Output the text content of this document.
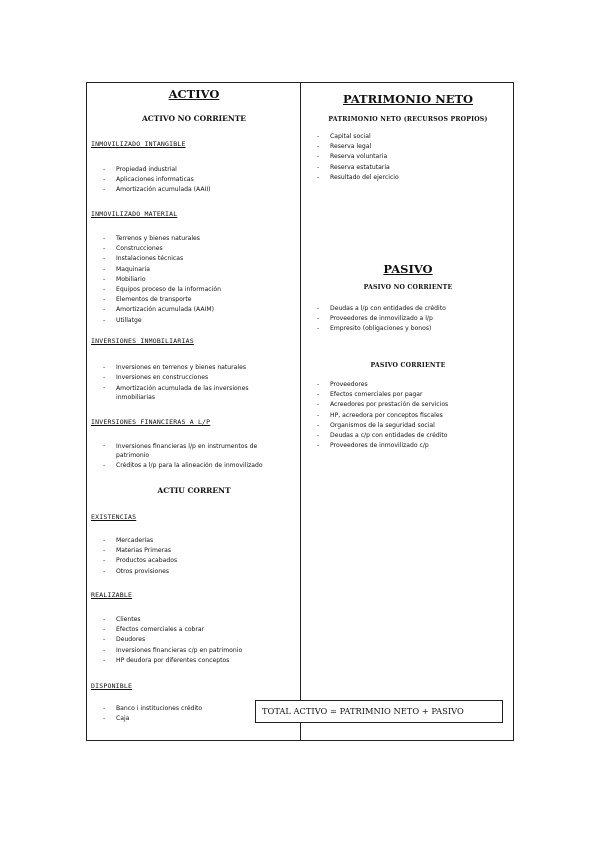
ACTIVO
ACTIVO NO CORRIENTE
INMOVILIZADO INTANGIBLE
- Propiedad industrial
- Aplicaciones informaticas
- Amortización acumulada (AAII)
INMOVILIZADO MATERIAL
- Terrenos y bienes naturales
- Construcciones
- Instalaciones técnicas
- Maquinaria
- Mobiliario
- Equipos proceso de la información
- Elementos de transporte
- Amortización acumulada (AAIM)
- Utillatge
INVERSIONES INMOBILIARIAS
- Inversiones en terrenos y bienes naturales
- Inversiones en construcciones
- Amortización acumulada de las inversiones inmobiliarias
INVERSIONES FINANCIERAS A L/P
- Inversiones financieras l/p en instrumentos de patrimonio
- Créditos a l/p para la alineación de inmovilizado
ACTIU CORRENT
EXISTENCIAS
- Mercaderías
- Materias Primeras
- Productos acabados
- Otros provisiones
REALIZABLE
- Clientes
- Efectos comerciales a cobrar
- Deudores
- Inversiones financieras c/p en patrimonio
- HP deudora por diferentes conceptos
DISPONIBLE
- Banco i instituciones crédito
- Caja
PATRIMONIO NETO
PATRIMONIO NETO (RECURSOS PROPIOS)
- Capital social
- Reserva legal
- Reserva voluntaria
- Reserva estatutaria
- Resultado del ejercicio
PASIVO
PASIVO NO CORRIENTE
- Deudas a l/p con entidades de crédito
- Proveedores de inmovilizado a l/p
- Empresito (obligaciones y bonos)
PASIVO CORRIENTE
- Proveedores
- Efectos comerciales por pagar
- Acreedores por prestación de servicios
- HP, acreedora por conceptos fiscales
- Organismos de la seguridad social
- Deudas a c/p con entidades de crédito
- Proveedores de inmovilizado c/p
TOTAL ACTIVO = PATRIMNIO NETO + PASIVO
